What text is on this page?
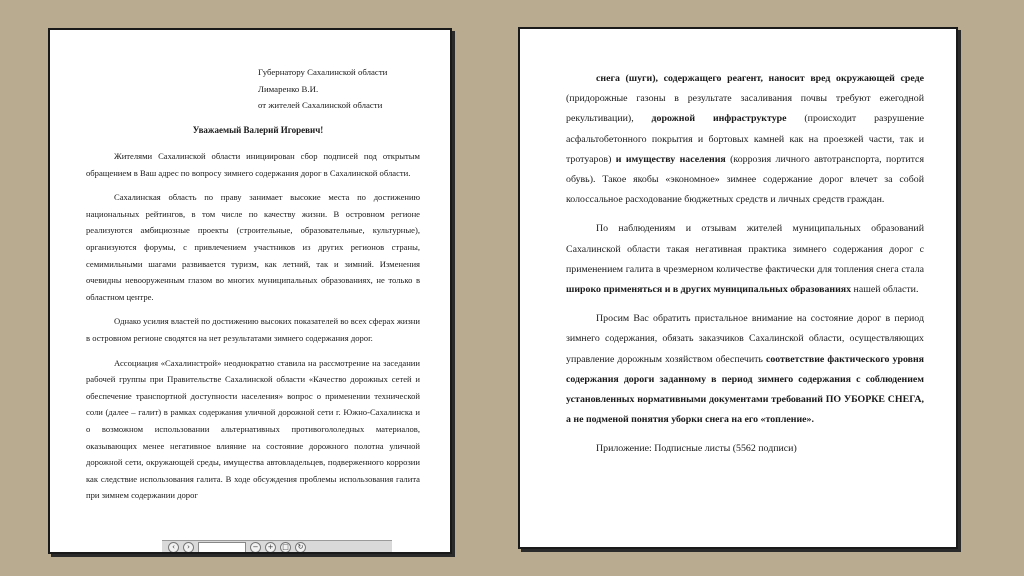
Губернатору Сахалинской области
Лимаренко В.И.
от жителей Сахалинской области
Уважаемый Валерий Игоревич!

Жителями Сахалинской области инициирован сбор подписей под открытым обращением в Ваш адрес по вопросу зимнего содержания дорог в Сахалинской области.

Сахалинская область по праву занимает высокие места по достижению национальных рейтингов, в том числе по качеству жизни. В островном регионе реализуются амбициозные проекты (строительные, образовательные, культурные), организуются форумы, с привлечением участников из других регионов страны, семимильными шагами развивается туризм, как летний, так и зимний. Изменения очевидны невооруженным глазом во многих муниципальных образованиях, не только в областном центре.

Однако усилия властей по достижению высоких показателей во всех сферах жизни в островном регионе сводятся на нет результатами зимнего содержания дорог.

Ассоциация «Сахалинстрой» неоднократно ставила на рассмотрение на заседании рабочей группы при Правительстве Сахалинской области «Качество дорожных сетей и обеспечение транспортной доступности населения» вопрос о применении технической соли (далее – галит) в рамках содержания уличной дорожной сети г. Южно-Сахалинска и о возможном использовании альтернативных противогололедных материалов, оказывающих менее негативное влияние на состояние дорожного полотна уличной дорожной сети, окружающей среды, имущества автовладельцев, подверженного коррозии как следствие использования галита. В ходе обсуждения проблемы использования галита при зимнем содержании дорог

‹	›	−	+	□	↻

снега (шуги), содержащего реагент, наносит вред окружающей среде (придорожные газоны в результате засаливания почвы требуют ежегодной рекультивации), дорожной инфраструктуре (происходит разрушение асфальтобетонного покрытия и бортовых камней как на проезжей части, так и тротуаров) и имуществу населения (коррозия личного автотранспорта, портится обувь). Такое якобы «экономное» зимнее содержание дорог влечет за собой колоссальное расходование бюджетных средств и личных средств граждан.

По наблюдениям и отзывам жителей муниципальных образований Сахалинской области такая негативная практика зимнего содержания дорог с применением галита в чрезмерном количестве фактически для топления снега стала широко применяться и в других муниципальных образованиях нашей области.

Просим Вас обратить пристальное внимание на состояние дорог в период зимнего содержания, обязать заказчиков Сахалинской области, осуществляющих управление дорожным хозяйством обеспечить соответствие фактического уровня содержания дороги заданному в период зимнего содержания с соблюдением установленных нормативными документами требований ПО УБОРКЕ СНЕГА, а не подменой понятия уборки снега на его «топление».

Приложение: Подписные листы (5562 подписи)
